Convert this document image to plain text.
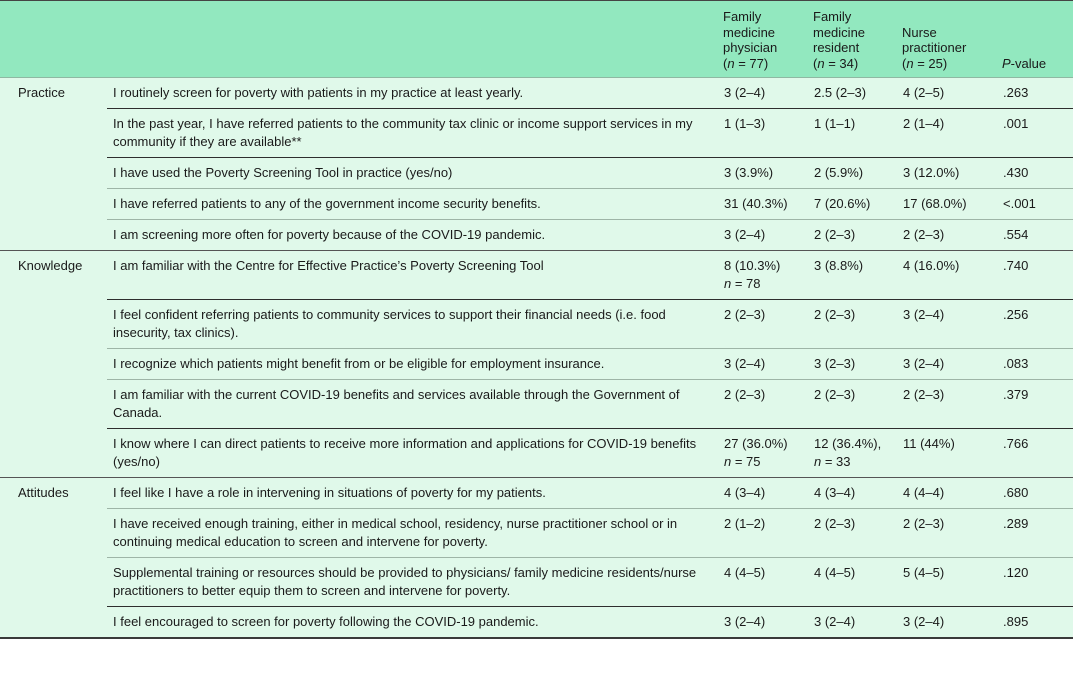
		Family
medicine
physician
(n = 77)	Family
medicine
resident
(n = 34)	Nurse
practitioner
(n = 25)	P-value
Practice	I routinely screen for poverty with patients in my practice at least yearly.	3 (2–4)	2.5 (2–3)	4 (2–5)	.263
	In the past year, I have referred patients to the community tax clinic or income support services in my community if they are available**	1 (1–3)	1 (1–1)	2 (1–4)	.001
	I have used the Poverty Screening Tool in practice (yes/no)	3 (3.9%)	2 (5.9%)	3 (12.0%)	.430
	I have referred patients to any of the government income security benefits.	31 (40.3%)	7 (20.6%)	17 (68.0%)	<.001
	I am screening more often for poverty because of the COVID-19 pandemic.	3 (2–4)	2 (2–3)	2 (2–3)	.554
Knowledge	I am familiar with the Centre for Effective Practice’s Poverty Screening Tool	8 (10.3%)
n = 78	3 (8.8%)	4 (16.0%)	.740
	I feel confident referring patients to community services to support their financial needs (i.e. food insecurity, tax clinics).	2 (2–3)	2 (2–3)	3 (2–4)	.256
	I recognize which patients might benefit from or be eligible for employment insurance.	3 (2–4)	3 (2–3)	3 (2–4)	.083
	I am familiar with the current COVID-19 benefits and services available through the Government of Canada.	2 (2–3)	2 (2–3)	2 (2–3)	.379
	I know where I can direct patients to receive more information and applications for COVID-19 benefits (yes/no)	27 (36.0%)
n = 75	12 (36.4%),
n = 33	11 (44%)	.766
Attitudes	I feel like I have a role in intervening in situations of poverty for my patients.	4 (3–4)	4 (3–4)	4 (4–4)	.680
	I have received enough training, either in medical school, residency, nurse practitioner school or in continuing medical education to screen and intervene for poverty.	2 (1–2)	2 (2–3)	2 (2–3)	.289
	Supplemental training or resources should be provided to physicians/ family medicine residents/nurse practitioners to better equip them to screen and intervene for poverty.	4 (4–5)	4 (4–5)	5 (4–5)	.120
	I feel encouraged to screen for poverty following the COVID-19 pandemic.	3 (2–4)	3 (2–4)	3 (2–4)	.895
